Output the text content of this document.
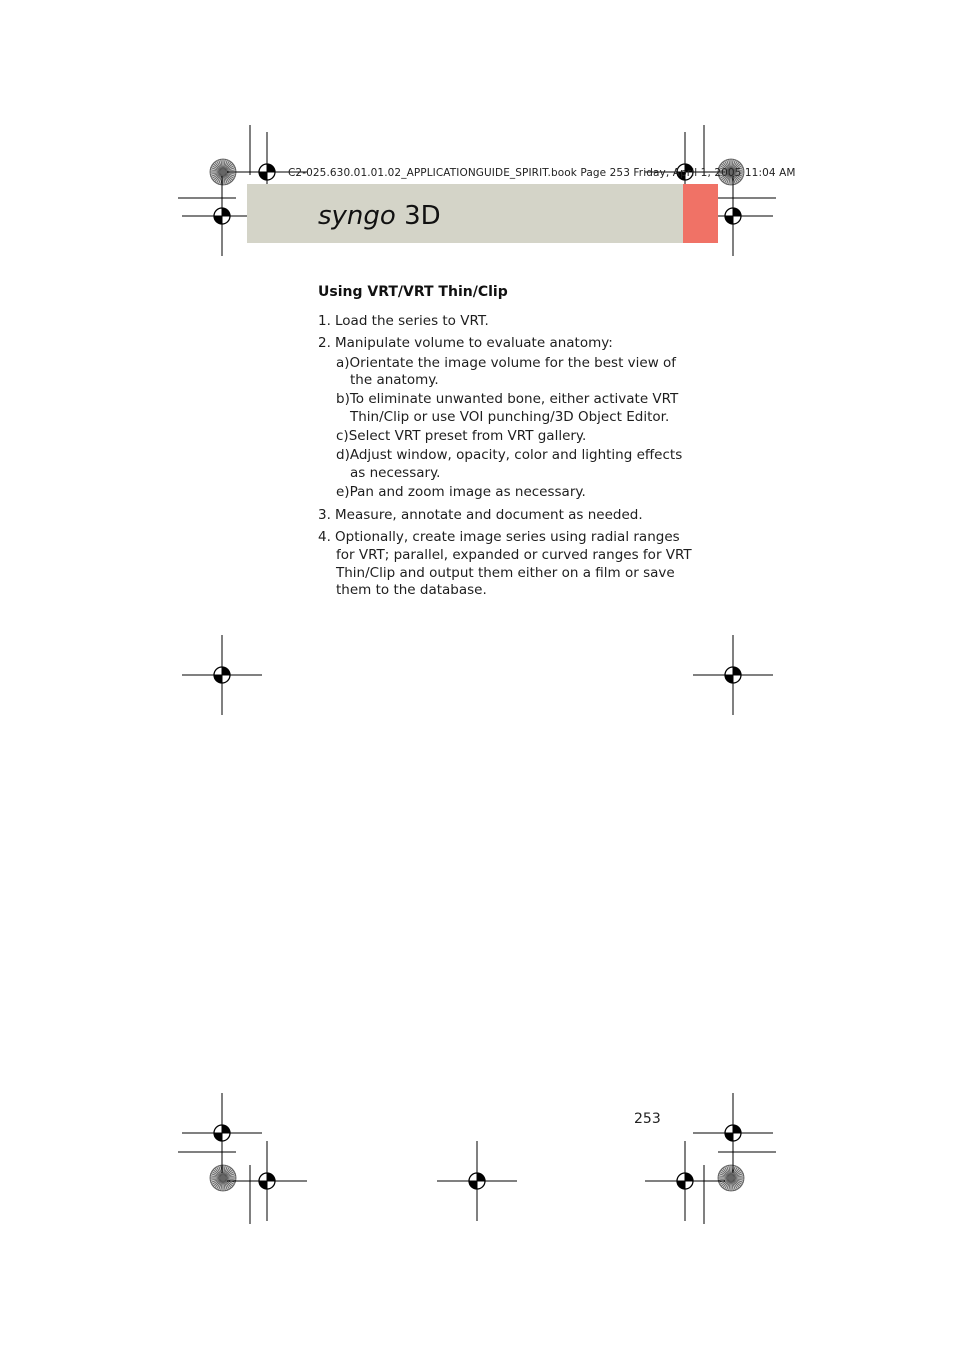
C2-025.630.01.01.02_APPLICATIONGUIDE_SPIRIT.book Page 253 Friday, April 1, 2005 11:04 AM
syngo 3D
Using VRT/VRT Thin/Clip
1. Load the series to VRT.
2. Manipulate volume to evaluate anatomy:
a)Orientate the image volume for the best view of
the anatomy.
b)To eliminate unwanted bone, either activate VRT
Thin/Clip or use VOI punching/3D Object Editor.
c)Select VRT preset from VRT gallery.
d)Adjust window, opacity, color and lighting effects
as necessary.
e)Pan and zoom image as necessary.
3. Measure, annotate and document as needed.
4. Optionally, create image series using radial ranges
for VRT; parallel, expanded or curved ranges for VRT
Thin/Clip and output them either on a film or save
them to the database.
253
